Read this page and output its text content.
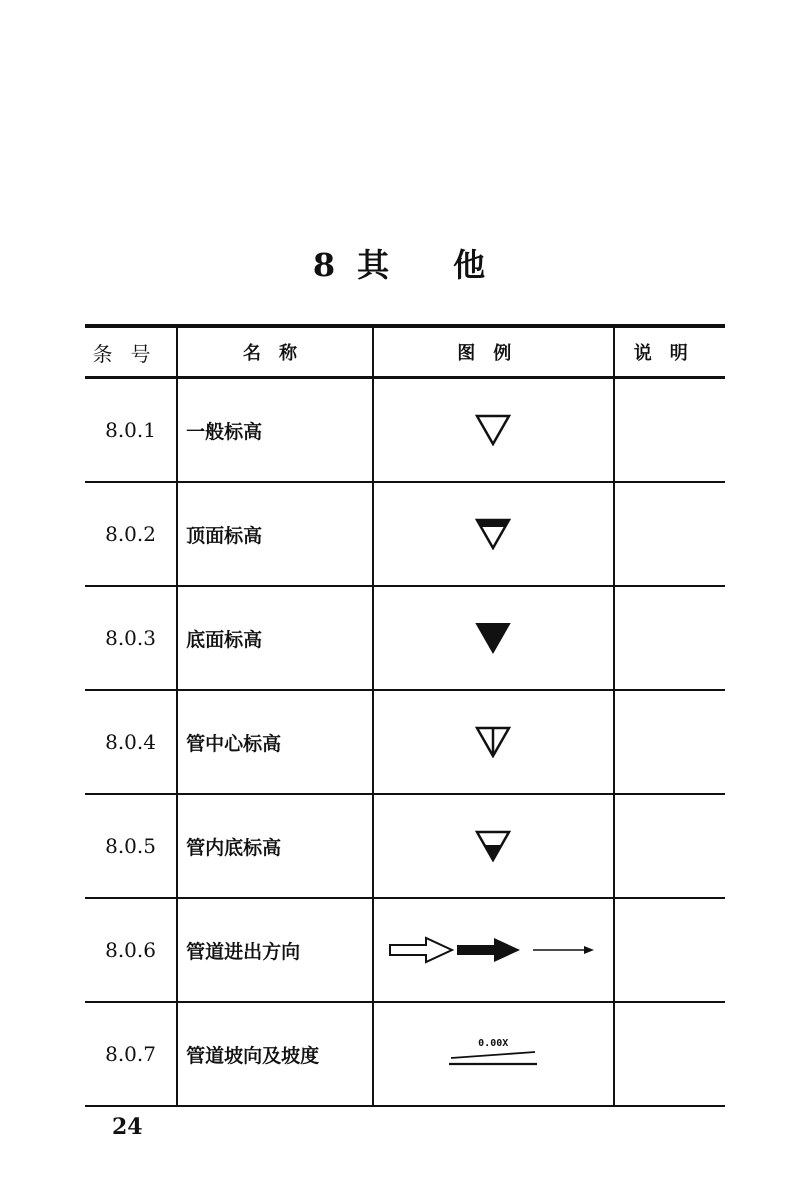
8 其 他
条号	名称	图例	说明
8.0.1	一般标高	

8.0.2	顶面标高	

8.0.3	底面标高	

8.0.4	管中心标高	

8.0.5	管内底标高	

8.0.6	管道进出方向	

8.0.7	管道坡向及坡度	0.00X	

24
